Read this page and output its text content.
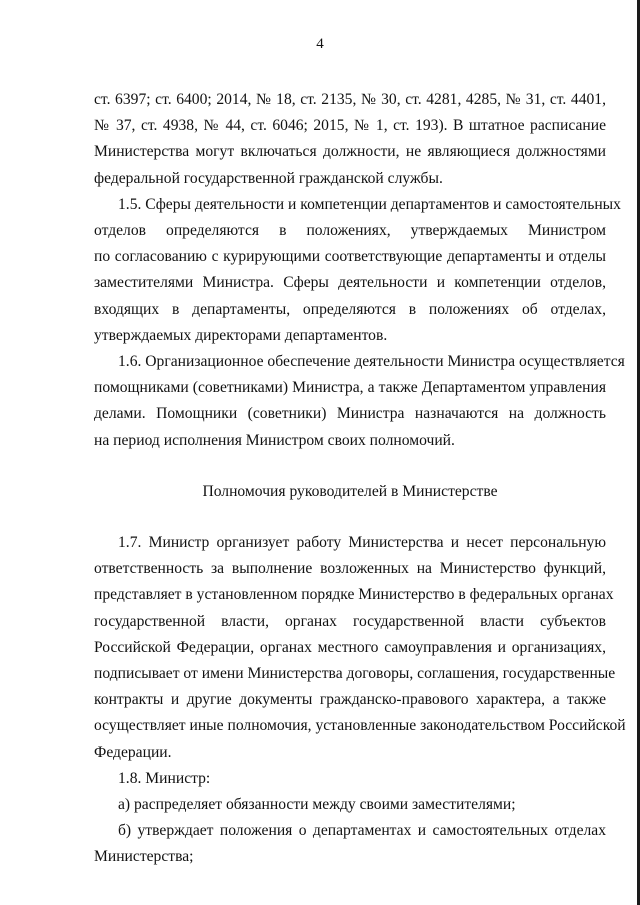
4
ст. 6397; ст. 6400; 2014, № 18, ст. 2135, № 30, ст. 4281, 4285, № 31, ст. 4401,
№ 37, ст. 4938, № 44, ст. 6046; 2015, № 1, ст. 193). В штатное расписание
Министерства могут включаться должности, не являющиеся должностями
федеральной государственной гражданской службы.
1.5. Сферы деятельности и компетенции департаментов и самостоятельных
отделов определяются в положениях, утверждаемых Министром
по согласованию с курирующими соответствующие департаменты и отделы
заместителями Министра. Сферы деятельности и компетенции отделов,
входящих в департаменты, определяются в положениях об отделах,
утверждаемых директорами департаментов.
1.6. Организационное обеспечение деятельности Министра осуществляется
помощниками (советниками) Министра, а также Департаментом управления
делами. Помощники (советники) Министра назначаются на должность
на период исполнения Министром своих полномочий.
Полномочия руководителей в Министерстве
1.7. Министр организует работу Министерства и несет персональную
ответственность за выполнение возложенных на Министерство функций,
представляет в установленном порядке Министерство в федеральных органах
государственной власти, органах государственной власти субъектов
Российской Федерации, органах местного самоуправления и организациях,
подписывает от имени Министерства договоры, соглашения, государственные
контракты и другие документы гражданско-правового характера, а также
осуществляет иные полномочия, установленные законодательством Российской
Федерации.
1.8. Министр:
а) распределяет обязанности между своими заместителями;
б) утверждает положения о департаментах и самостоятельных отделах
Министерства;
